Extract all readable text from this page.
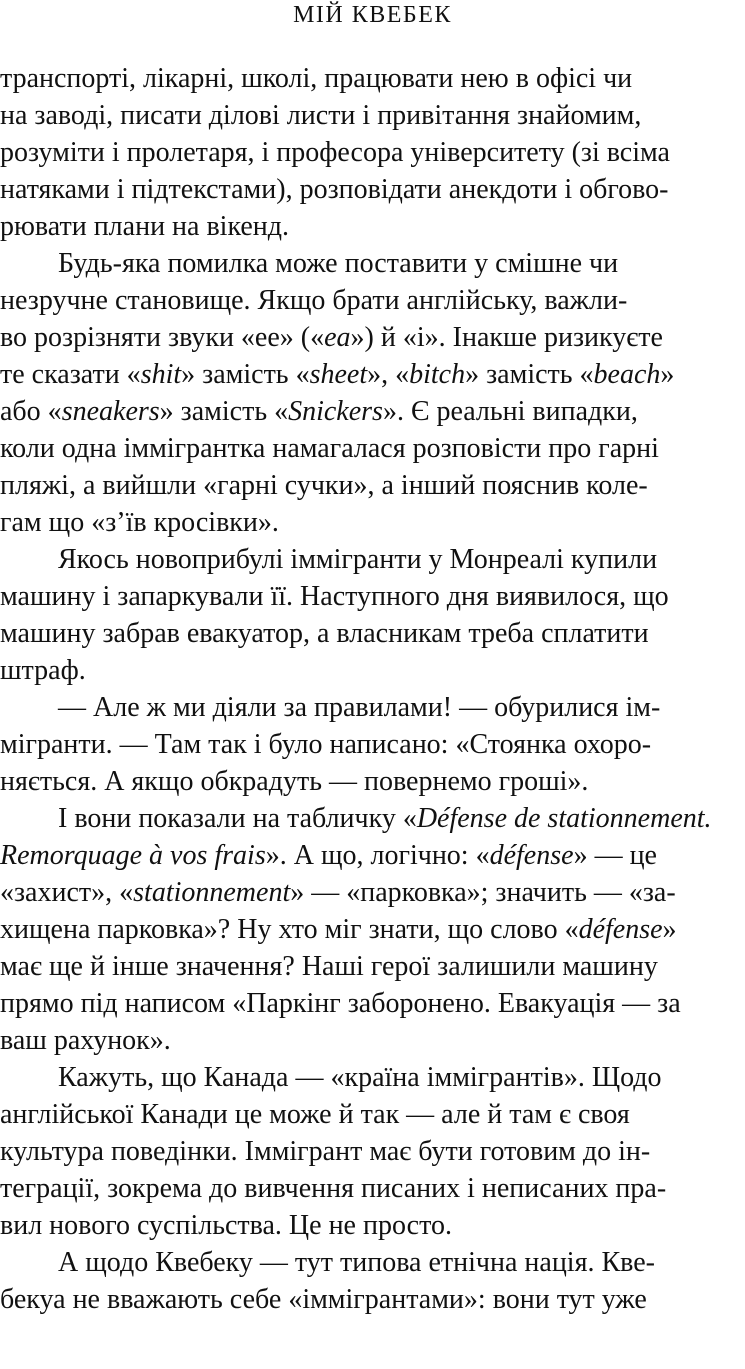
МІЙ КВЕБЕК
транспорті, лікарні, школі, працювати нею в офісі чи
на заводі, писати ділові листи і привітання знайомим,
розуміти і пролетаря, і професора університету (зі всіма
натяками і підтекстами), розповідати анекдоти і обгово-
рювати плани на вікенд.
Будь-яка помилка може поставити у смішне чи
незручне становище. Якщо брати англійську, важли-
во розрізняти звуки «ее» («ea») й «і». Інакше ризикуєте
те сказати «shit» замість «sheet», «bitch» замість «beach»
або «sneakers» замість «Snickers». Є реальні випадки,
коли одна іммігрантка намагалася розповісти про гарні
пляжі, а вийшли «гарні сучки», а інший пояснив коле-
гам що «з’їв кросівки».
Якось новоприбулі іммігранти у Монреалі купили
машину і запаркували її. Наступного дня виявилося, що
машину забрав евакуатор, а власникам треба сплатити
штраф.
— Але ж ми діяли за правилами! — обурилися ім-
мігранти. — Там так і було написано: «Стоянка охоро-
няється. А якщо обкрадуть — повернемо гроші».
І вони показали на табличку «Défense de stationnement.
Remorquage à vos frais». А що, логічно: «défense» — це
«захист», «stationnement» — «парковка»; значить — «за-
хищена парковка»? Ну хто міг знати, що слово «défense»
має ще й інше значення? Наші герої залишили машину
прямо під написом «Паркінг заборонено. Евакуація — за
ваш рахунок».
Кажуть, що Канада — «країна іммігрантів». Щодо
англійської Канади це може й так — але й там є своя
культура поведінки. Іммігрант має бути готовим до ін-
теграції, зокрема до вивчення писаних і неписаних пра-
вил нового суспільства. Це не просто.
А щодо Квебеку — тут типова етнічна нація. Кве-
бекуа не вважають себе «іммігрантами»: вони тут уже
